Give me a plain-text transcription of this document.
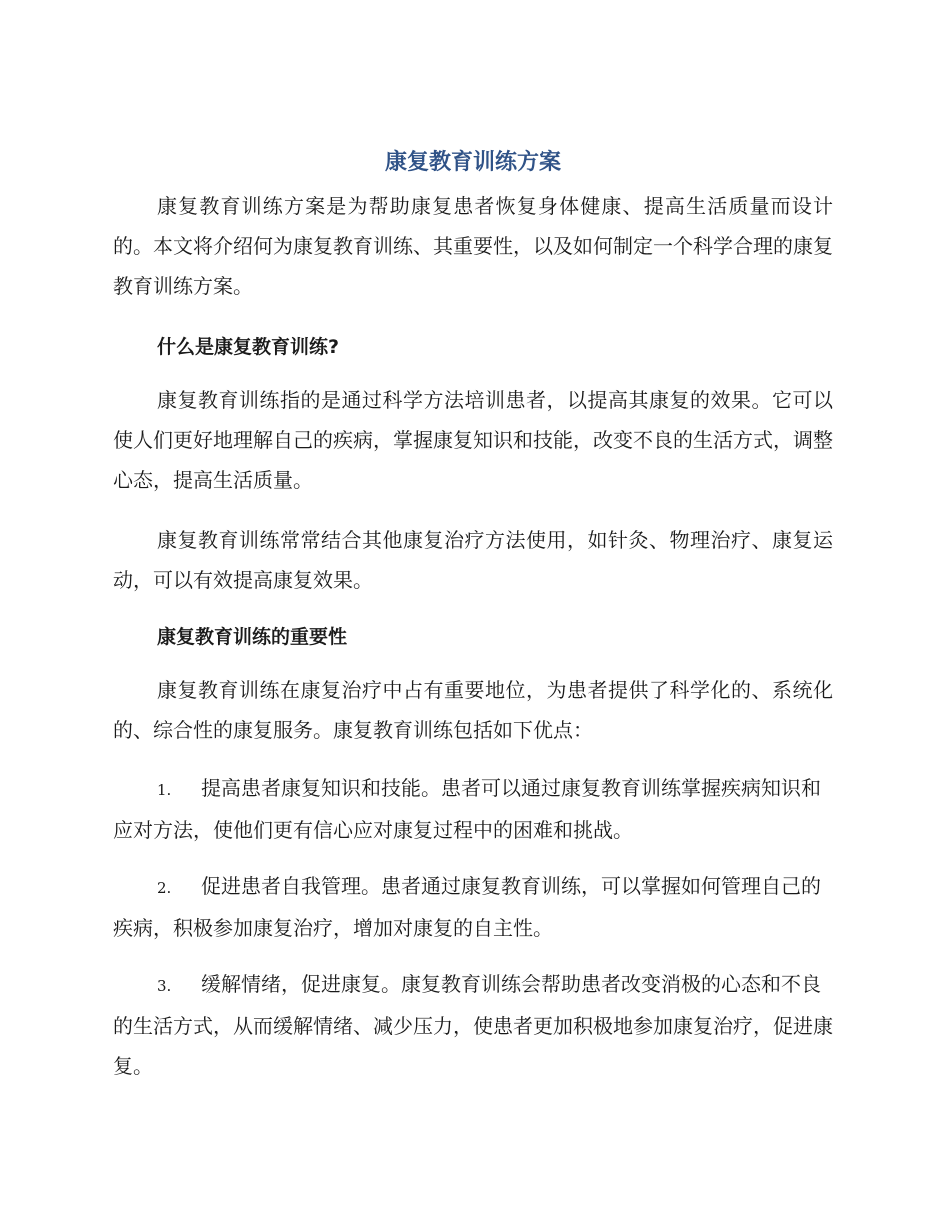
康复教育训练方案

康复教育训练方案是为帮助康复患者恢复身体健康、提高生活质量而设计的。本文将介绍何为康复教育训练、其重要性，以及如何制定一个科学合理的康复教育训练方案。

什么是康复教育训练?

康复教育训练指的是通过科学方法培训患者，以提高其康复的效果。它可以使人们更好地理解自己的疾病，掌握康复知识和技能，改变不良的生活方式，调整心态，提高生活质量。

康复教育训练常常结合其他康复治疗方法使用，如针灸、物理治疗、康复运动，可以有效提高康复效果。

康复教育训练的重要性

康复教育训练在康复治疗中占有重要地位，为患者提供了科学化的、系统化的、综合性的康复服务。康复教育训练包括如下优点：

1. 提高患者康复知识和技能。患者可以通过康复教育训练掌握疾病知识和应对方法，使他们更有信心应对康复过程中的困难和挑战。
2. 促进患者自我管理。患者通过康复教育训练，可以掌握如何管理自己的疾病，积极参加康复治疗，增加对康复的自主性。
3. 缓解情绪，促进康复。康复教育训练会帮助患者改变消极的心态和不良的生活方式，从而缓解情绪、减少压力，使患者更加积极地参加康复治疗，促进康复。
